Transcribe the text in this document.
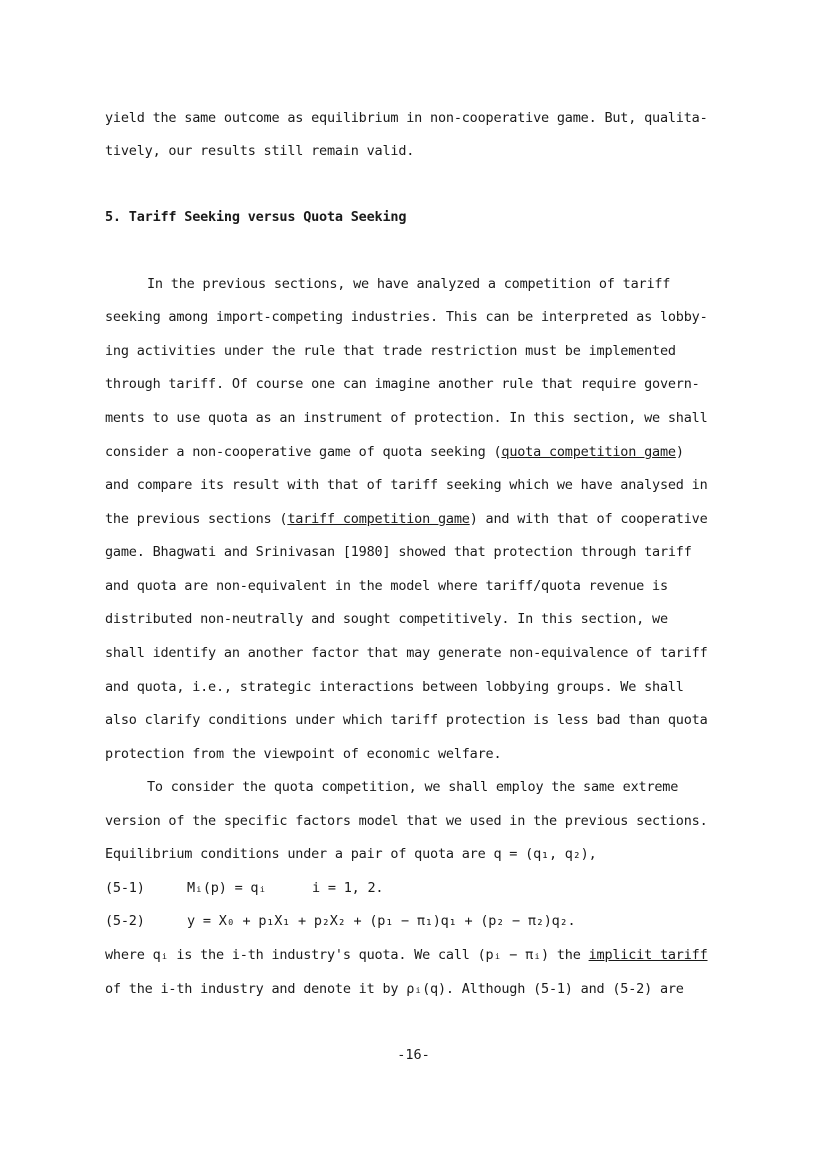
yield the same outcome as equilibrium in non-cooperative game. But, qualita-
tively, our results still remain valid.
5. Tariff Seeking versus Quota Seeking
In the previous sections, we have analyzed a competition of tariff
seeking among import-competing industries. This can be interpreted as lobby-
ing activities under the rule that trade restriction must be implemented
through tariff. Of course one can imagine another rule that require govern-
ments to use quota as an instrument of protection. In this section, we shall
consider a non-cooperative game of quota seeking (quota competition game)
and compare its result with that of tariff seeking which we have analysed in
the previous sections (tariff competition game) and with that of cooperative
game. Bhagwati and Srinivasan [1980] showed that protection through tariff
and quota are non-equivalent in the model where tariff/quota revenue is
distributed non-neutrally and sought competitively. In this section, we
shall identify an another factor that may generate non-equivalence of tariff
and quota, i.e., strategic interactions between lobbying groups. We shall
also clarify conditions under which tariff protection is less bad than quota
protection from the viewpoint of economic welfare.
To consider the quota competition, we shall employ the same extreme
version of the specific factors model that we used in the previous sections.
Equilibrium conditions under a pair of quota are q = (q₁, q₂),
(5-1)	Mᵢ(p) = qᵢ	i = 1, 2.
(5-2)	y = X₀ + p₁X₁ + p₂X₂ + (p₁ − π₁)q₁ + (p₂ − π₂)q₂.
where qᵢ is the i-th industry's quota. We call (pᵢ − πᵢ) the implicit tariff
of the i-th industry and denote it by ρᵢ(q). Although (5-1) and (5-2) are
-16-
